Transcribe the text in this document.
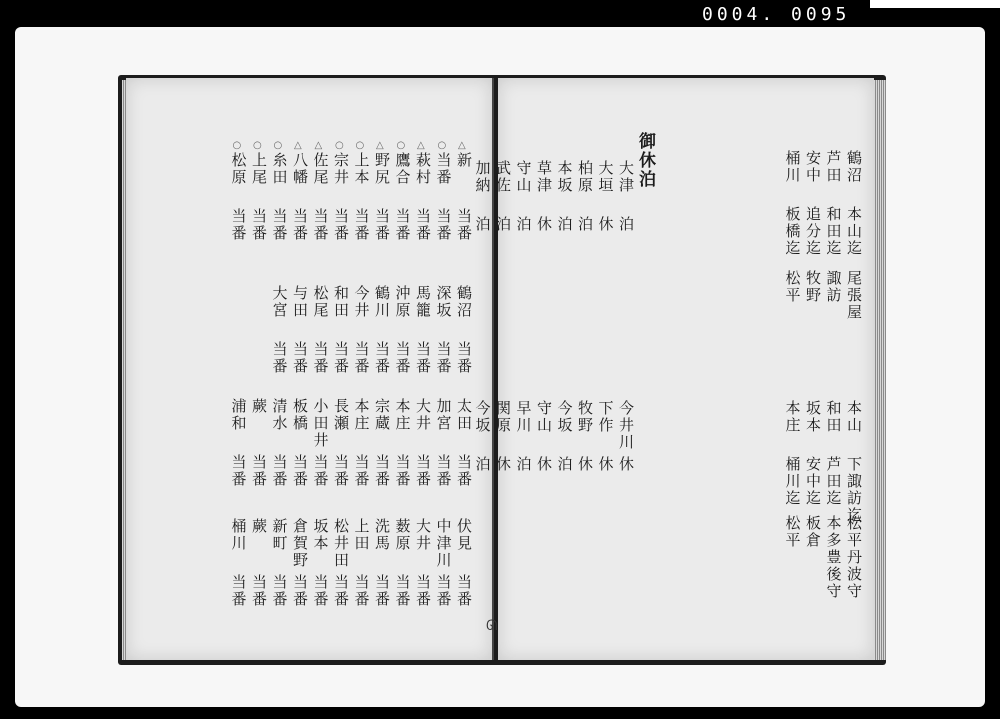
0004. 0095
新
当番
当番
当番
萩村
当番
鷹合
当番
野尻
当番
上本
当番
宗井
当番
佐尾
当番
八幡
当番
糸田
当番
上尾
当番
松原
当番
鶴沼
当番
深坂
当番
馬籠
当番
沖原
当番
鶴川
当番
今井
当番
和田
当番
松尾
当番
与田
当番
大宮
当番
太田
当番
加宮
当番
大井
当番
本庄
当番
宗蔵
当番
本庄
当番
長瀬
当番
小田井
当番
板橋
当番
清水
当番
蕨
当番
浦和
当番
伏見
当番
中津川
当番
大井
当番
薮原
当番
洗馬
当番
上田
当番
松井田
当番
坂本
当番
倉賀野
当番
新町
当番
蕨
当番
桶川
当番
御休泊
大津
泊
大垣
休
柏原
泊
本坂
泊
草津
休
守山
泊
武佐
泊
加納
泊
今井川
休
下作
休
牧野
休
今坂
泊
守山
休
早川
泊
関原
休
今坂
泊
鶴沼
本山迄
芦田
和田迄
安中
追分迄
桶川
板橋迄
尾張屋
諏訪
牧野
松平
本山
下諏訪迄
和田
芦田迄
坂本
安中迄
本庄
桶川迄
松平丹波守
本多豊後守
板倉
松平
ᘏ
△
○
△
○
△
○
○
△
△
○
○
○
